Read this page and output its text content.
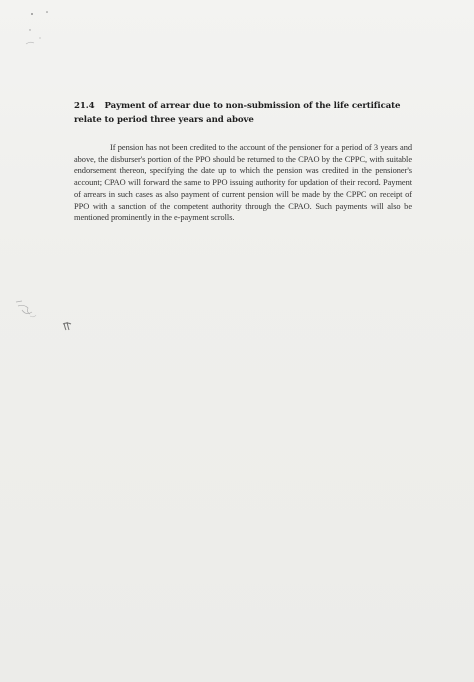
21.4 Payment of arrear due to non-submission of the life certificate relate to period three years and above
If pension has not been credited to the account of the pensioner for a period of 3 years and above, the disburser's portion of the PPO should be returned to the CPAO by the CPPC, with suitable endorsement thereon, specifying the date up to which the pension was credited in the pensioner's account; CPAO will forward the same to PPO issuing authority for updation of their record. Payment of arrears in such cases as also payment of current pension will be made by the CPPC on receipt of PPO with a sanction of the competent authority through the CPAO. Such payments will also be mentioned prominently in the e-payment scrolls.
